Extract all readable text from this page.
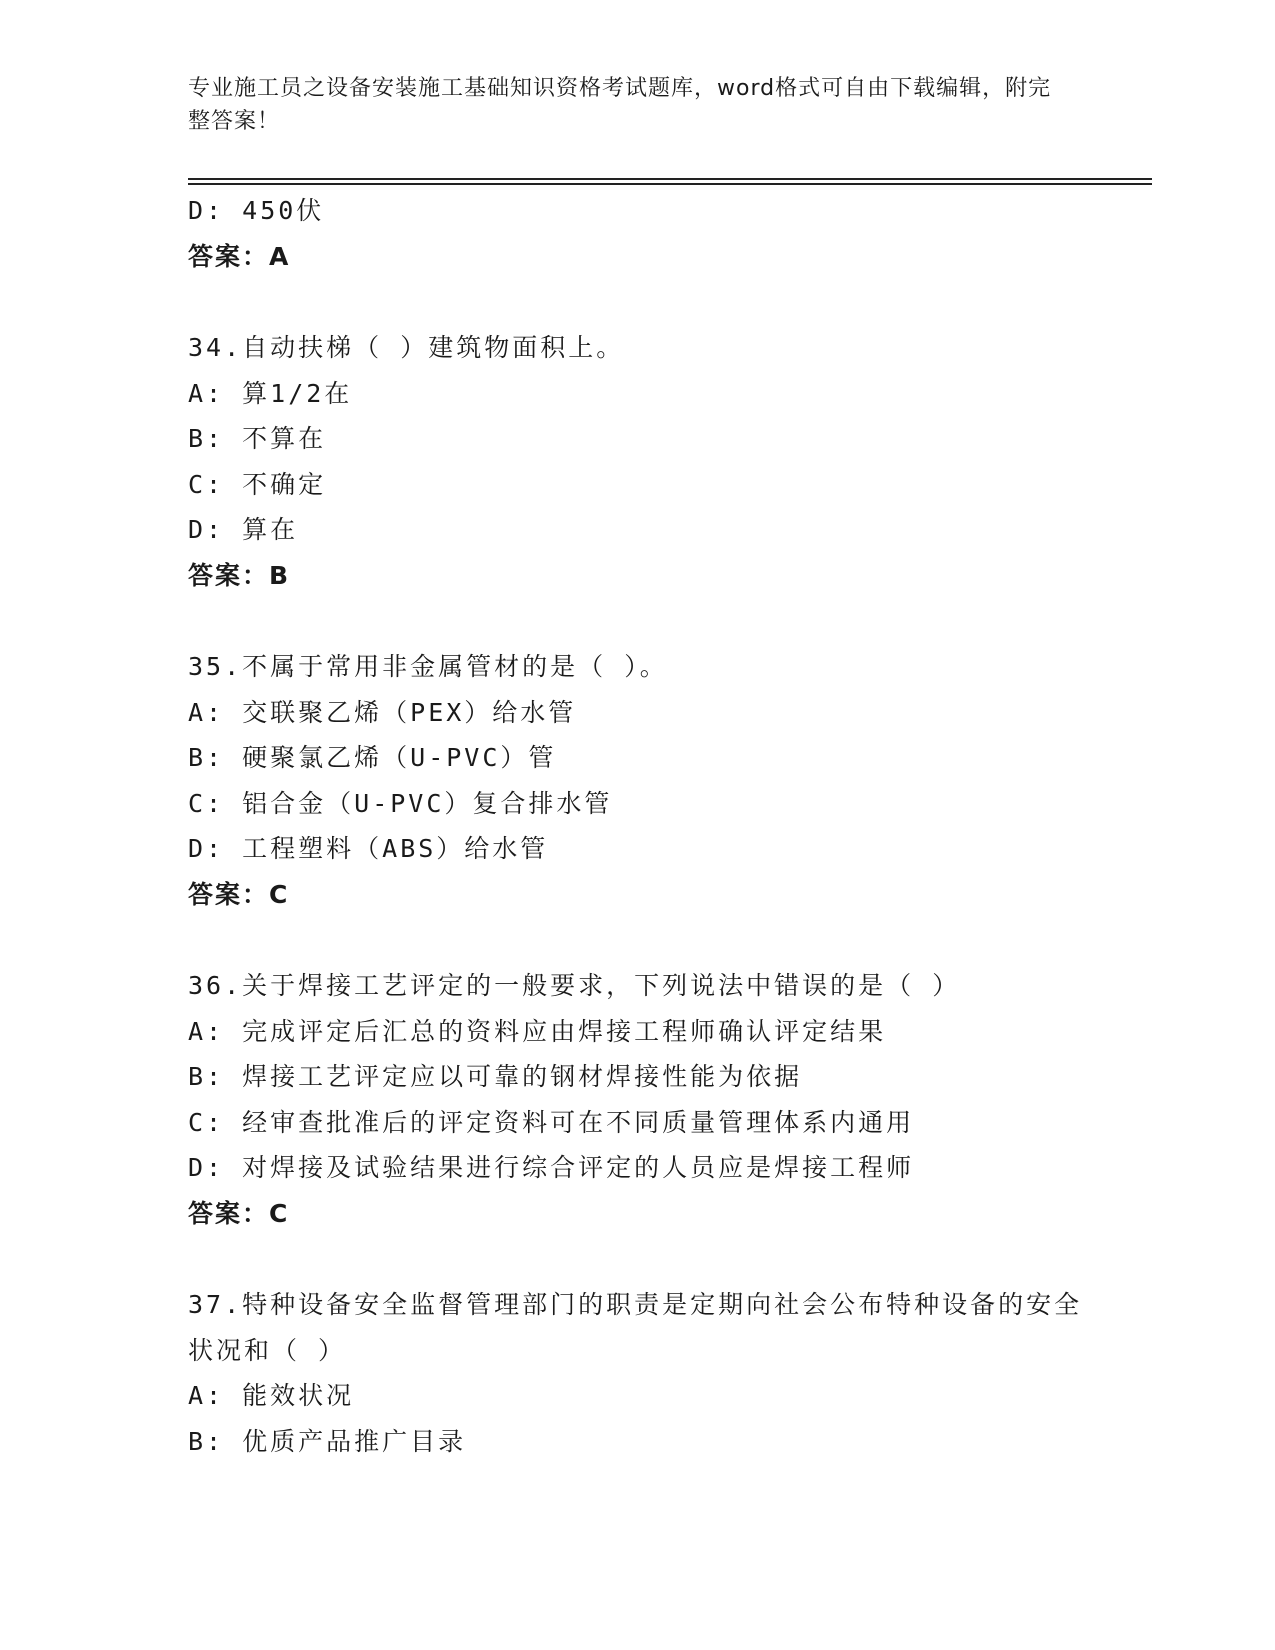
专业施工员之设备安装施工基础知识资格考试题库，word格式可自由下载编辑，附完整答案！
D: 450伏
答案：A
34.自动扶梯（ ）建筑物面积上。
A: 算1/2在
B: 不算在
C: 不确定
D: 算在
答案：B
35.不属于常用非金属管材的是（ ）。
A: 交联聚乙烯（PEX）给水管
B: 硬聚氯乙烯（U-PVC）管
C: 铝合金（U-PVC）复合排水管
D: 工程塑料（ABS）给水管
答案：C
36.关于焊接工艺评定的一般要求，下列说法中错误的是（ ）
A: 完成评定后汇总的资料应由焊接工程师确认评定结果
B: 焊接工艺评定应以可靠的钢材焊接性能为依据
C: 经审查批准后的评定资料可在不同质量管理体系内通用
D: 对焊接及试验结果进行综合评定的人员应是焊接工程师
答案：C
37.特种设备安全监督管理部门的职责是定期向社会公布特种设备的安全状况和（ ）
A: 能效状况
B: 优质产品推广目录
